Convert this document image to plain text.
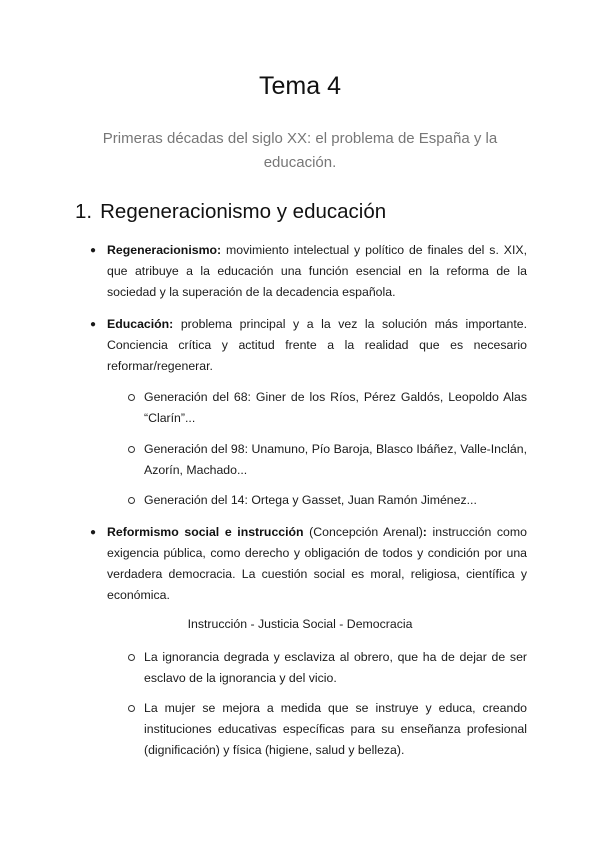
Tema 4

Primeras décadas del siglo XX: el problema de España y la educación.

1. Regeneracionismo y educación
● Regeneracionismo: movimiento intelectual y político de finales del s. XIX, que atribuye a la educación una función esencial en la reforma de la sociedad y la superación de la decadencia española.
● Educación: problema principal y a la vez la solución más importante. Conciencia crítica y actitud frente a la realidad que es necesario reformar/regenerar.
Generación del 68: Giner de los Ríos, Pérez Galdós, Leopoldo Alas “Clarín”...
Generación del 98: Unamuno, Pío Baroja, Blasco Ibáñez, Valle-Inclán, Azorín, Machado...
Generación del 14: Ortega y Gasset, Juan Ramón Jiménez...
● Reformismo social e instrucción (Concepción Arenal): instrucción como exigencia pública, como derecho y obligación de todos y condición por una verdadera democracia. La cuestión social es moral, religiosa, científica y económica.
Instrucción - Justicia Social - Democracia
La ignorancia degrada y esclaviza al obrero, que ha de dejar de ser esclavo de la ignorancia y del vicio.
La mujer se mejora a medida que se instruye y educa, creando instituciones educativas específicas para su enseñanza profesional (dignificación) y física (higiene, salud y belleza).
